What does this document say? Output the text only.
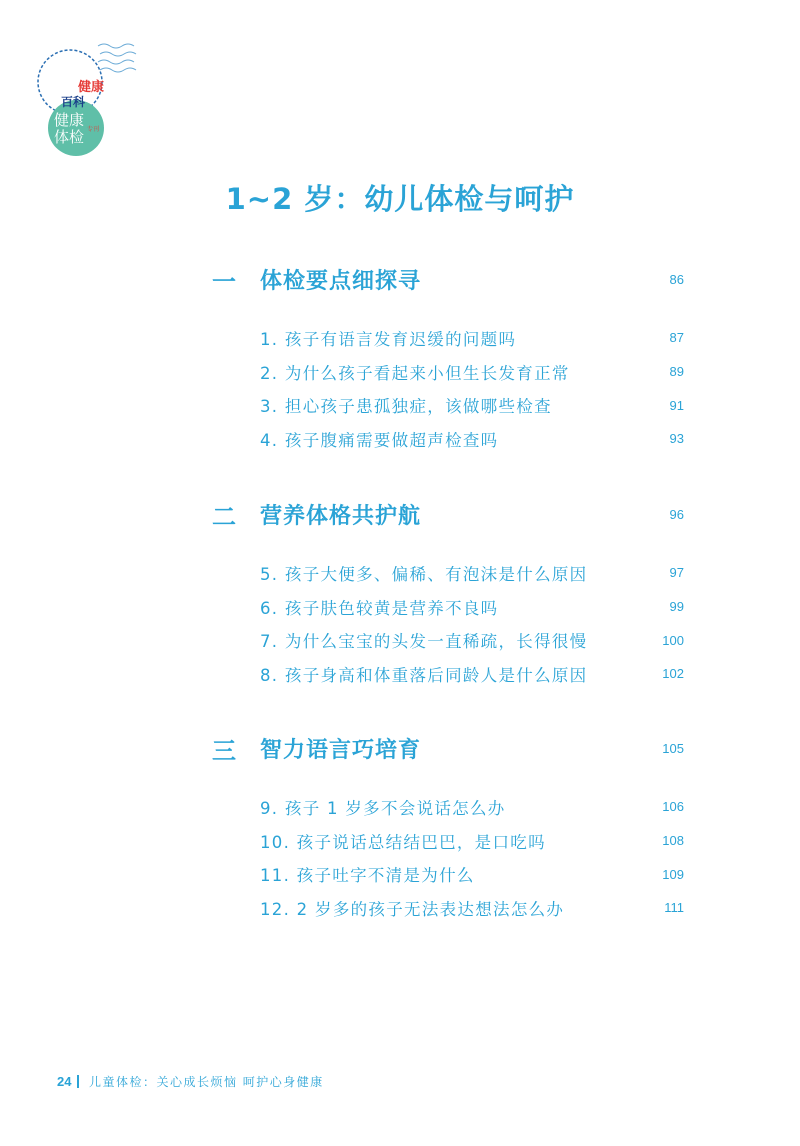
健康
百科
健康
体检 专刊
1~2 岁：幼儿体检与呵护
一	体检要点细探寻	86
1. 孩子有语言发育迟缓的问题吗	87
2. 为什么孩子看起来小但生长发育正常	89
3. 担心孩子患孤独症，该做哪些检查	91
4. 孩子腹痛需要做超声检查吗	93
二	营养体格共护航	96
5. 孩子大便多、偏稀、有泡沫是什么原因	97
6. 孩子肤色较黄是营养不良吗	99
7. 为什么宝宝的头发一直稀疏，长得很慢	100
8. 孩子身高和体重落后同龄人是什么原因	102
三	智力语言巧培育	105
9. 孩子 1 岁多不会说话怎么办	106
10. 孩子说话总结结巴巴，是口吃吗	108
11. 孩子吐字不清是为什么	109
12. 2 岁多的孩子无法表达想法怎么办	111
24 儿童体检：关心成长烦恼 呵护心身健康
